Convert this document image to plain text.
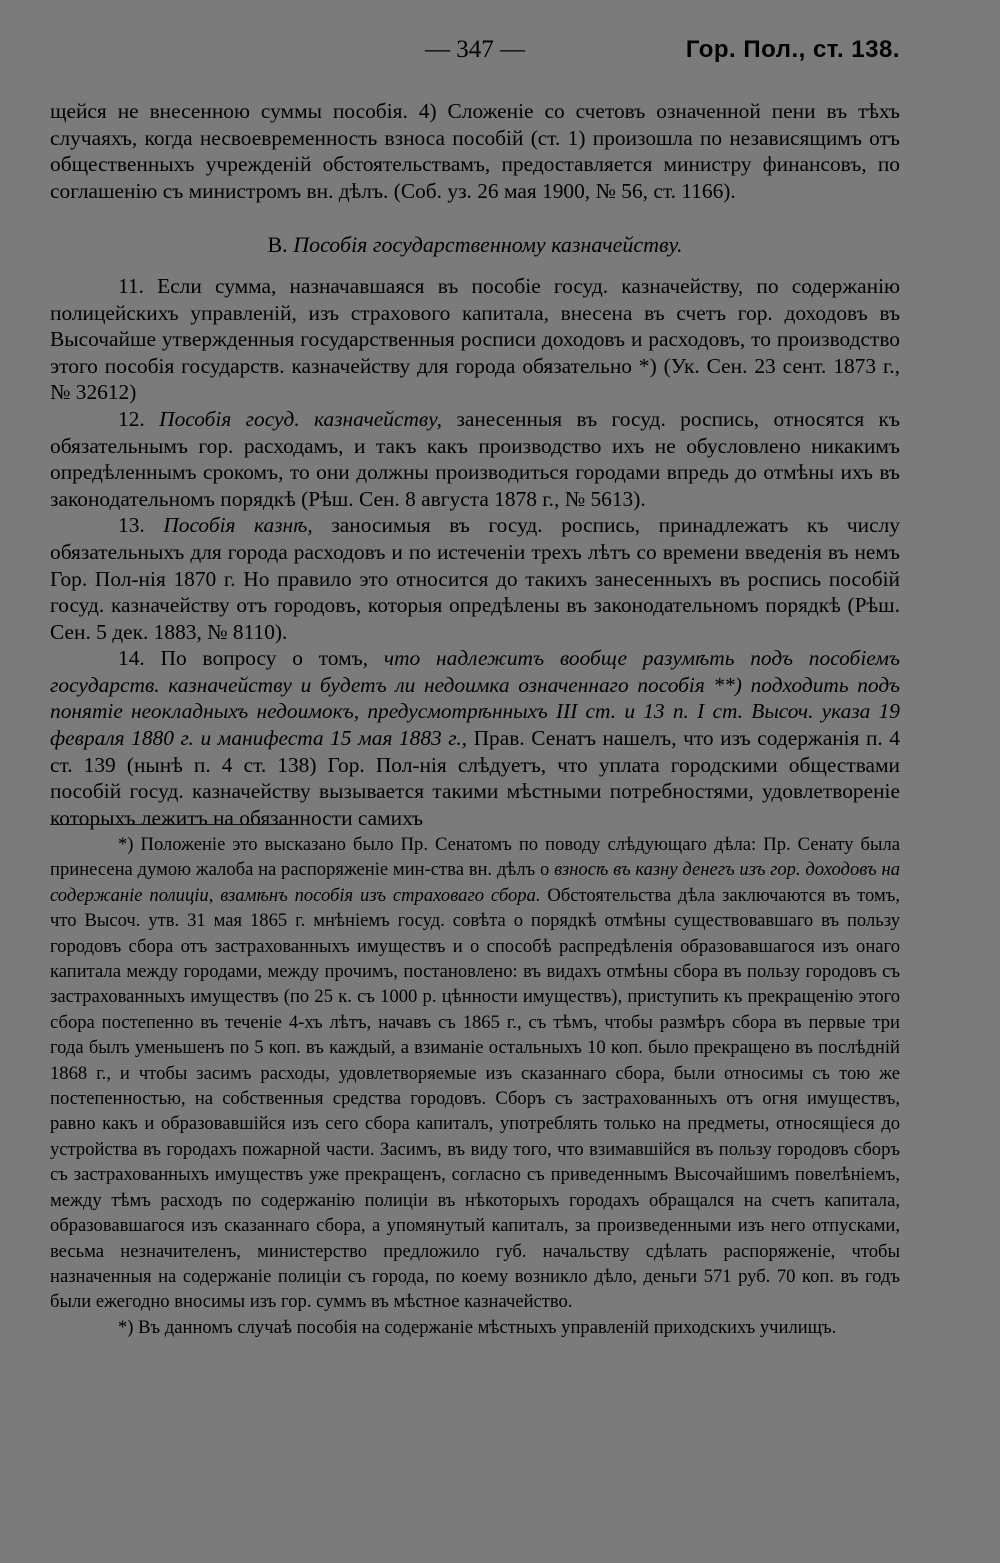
— 347 —	Гор. Пол., ст. 138.

щейся не внесенною суммы пособія. 4) Сложеніе со счетовъ означенной пени въ тѣхъ случаяхъ, когда несвоевременность взноса пособій (ст. 1) произошла по независящимъ отъ общественныхъ учрежденій обстоятельствамъ, предоставляется министру финансовъ, по соглашенію съ министромъ вн. дѣлъ. (Соб. уз. 26 мая 1900, № 56, ст. 1166).

В. Пособія государственному казначейству.

11. Если сумма, назначавшаяся въ пособіе госуд. казначейству, по содержанію полицейскихъ управленій, изъ страхового капитала, внесена въ счетъ гор. доходовъ въ Высочайше утвержденныя государственныя росписи доходовъ и расходовъ, то производство этого пособія государств. казначейству для города обязательно *) (Ук. Сен. 23 сент. 1873 г., № 32612)

12. Пособія госуд. казначейству, занесенныя въ госуд. роспись, относятся къ обязательнымъ гор. расходамъ, и такъ какъ производство ихъ не обусловлено никакимъ опредѣленнымъ срокомъ, то они должны производиться городами впредь до отмѣны ихъ въ законодательномъ порядкѣ (Рѣш. Сен. 8 августа 1878 г., № 5613).

13. Пособія казнѣ, заносимыя въ госуд. роспись, принадлежатъ къ числу обязательныхъ для города расходовъ и по истеченіи трехъ лѣтъ со времени введенія въ немъ Гор. Пол-нія 1870 г. Но правило это относится до такихъ занесенныхъ въ роспись пособій госуд. казначейству отъ городовъ, которыя опредѣлены въ законодательномъ порядкѣ (Рѣш. Сен. 5 дек. 1883, № 8110).

14. По вопросу о томъ, что надлежитъ вообще разумѣть подъ пособіемъ государств. казначейству и будетъ ли недоимка означеннаго пособія **) подходить подъ понятіе неокладныхъ недоимокъ, предусмотрѣнныхъ III ст. и 13 п. I ст. Высоч. указа 19 февраля 1880 г. и манифеста 15 мая 1883 г., Прав. Сенатъ нашелъ, что изъ содержанія п. 4 ст. 139 (нынѣ п. 4 ст. 138) Гор. Пол-нія слѣдуетъ, что уплата городскими обществами пособій госуд. казначейству вызывается такими мѣстными потребностями, удовлетвореніе которыхъ лежитъ на обязанности самихъ

*) Положеніе это высказано было Пр. Сенатомъ по поводу слѣдующаго дѣла: Пр. Сенату была принесена думою жалоба на распоряженіе мин-ства вн. дѣлъ о взносѣ въ казну денегъ изъ гор. доходовъ на содержаніе полиціи, взамѣнъ пособія изъ страховаго сбора. Обстоятельства дѣла заключаются въ томъ, что Высоч. утв. 31 мая 1865 г. мнѣніемъ госуд. совѣта о порядкѣ отмѣны существовавшаго въ пользу городовъ сбора отъ застрахованныхъ имуществъ и о способѣ распредѣленія образовавшагося изъ онаго капитала между городами, между прочимъ, постановлено: въ видахъ отмѣны сбора въ пользу городовъ съ застрахованныхъ имуществъ (по 25 к. съ 1000 р. цѣнности имуществъ), приступить къ прекращенію этого сбора постепенно въ теченіе 4-хъ лѣтъ, начавъ съ 1865 г., съ тѣмъ, чтобы размѣръ сбора въ первые три года былъ уменьшенъ по 5 коп. въ каждый, а взиманіе остальныхъ 10 коп. было прекращено въ послѣдній 1868 г., и чтобы засимъ расходы, удовлетворяемые изъ сказаннаго сбора, были относимы съ тою же постепенностью, на собственныя средства городовъ. Сборъ съ застрахованныхъ отъ огня имуществъ, равно какъ и образовавшійся изъ сего сбора капиталъ, употреблять только на предметы, относящіеся до устройства въ городахъ пожарной части. Засимъ, въ виду того, что взимавшійся въ пользу городовъ сборъ съ застрахованныхъ имуществъ уже прекращенъ, согласно съ приведеннымъ Высочайшимъ повелѣніемъ, между тѣмъ расходъ по содержанію полиціи въ нѣкоторыхъ городахъ обращался на счетъ капитала, образовавшагося изъ сказаннаго сбора, а упомянутый капиталъ, за произведенными изъ него отпусками, весьма незначителенъ, министерство предложило губ. начальству сдѣлать распоряженіе, чтобы назначенныя на содержаніе полиціи съ города, по коему возникло дѣло, деньги 571 руб. 70 коп. въ годъ были ежегодно вносимы изъ гор. суммъ въ мѣстное казначейство.

*) Въ данномъ случаѣ пособія на содержаніе мѣстныхъ управленій приходскихъ училищъ.
